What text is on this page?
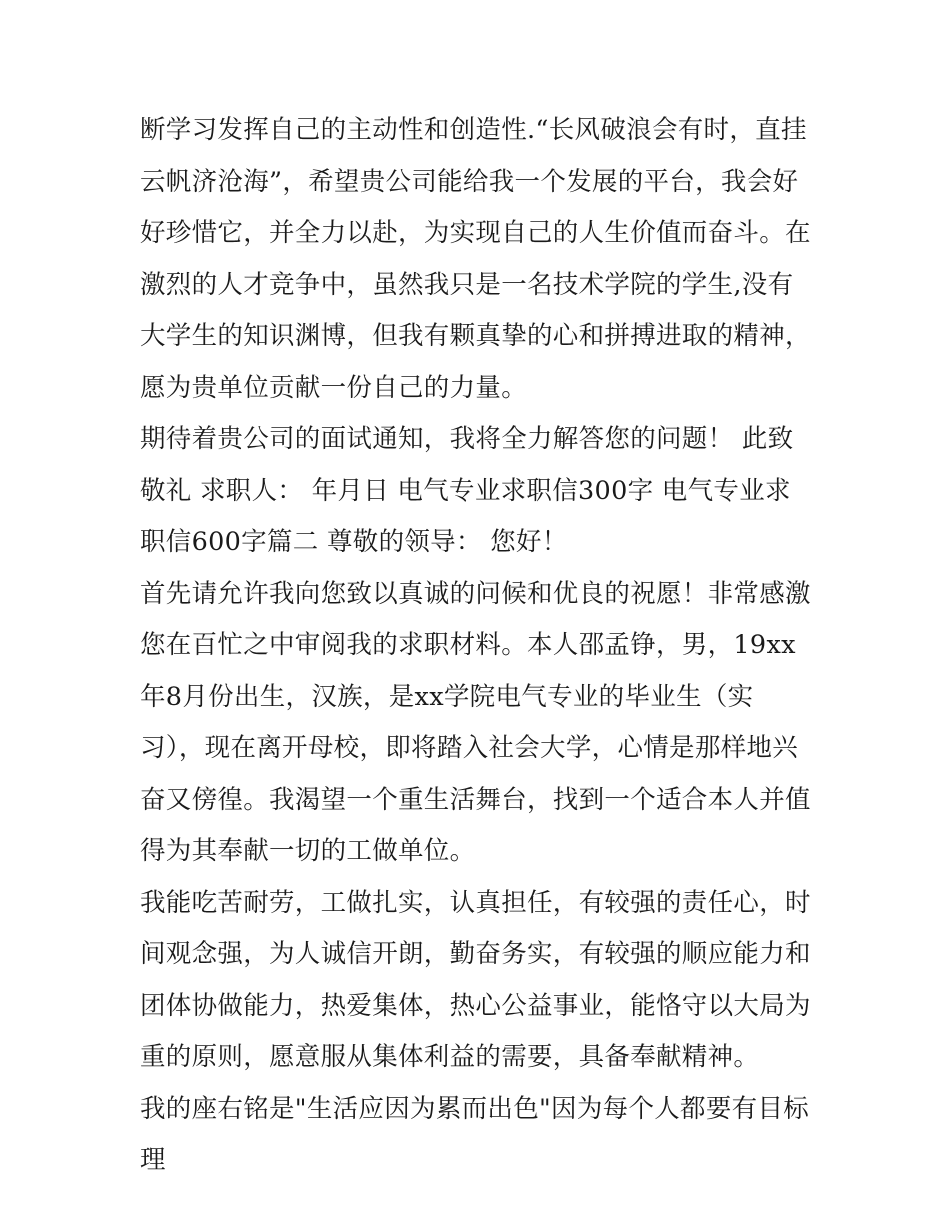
断学习发挥自己的主动性和创造性.“长风破浪会有时，直挂云帆济沧海”，希望贵公司能给我一个发展的平台，我会好好珍惜它，并全力以赴，为实现自己的人生价值而奋斗。在激烈的人才竞争中，虽然我只是一名技术学院的学生,没有大学生的知识渊博，但我有颗真挚的心和拼搏进取的精神，愿为贵单位贡献一份自己的力量。

期待着贵公司的面试通知，我将全力解答您的问题！ 此致 敬礼 求职人： 年月日 电气专业求职信300字 电气专业求职信600字篇二 尊敬的领导： 您好！

首先请允许我向您致以真诚的问候和优良的祝愿！非常感激您在百忙之中审阅我的求职材料。本人邵孟铮，男，19xx年8月份出生，汉族，是xx学院电气专业的毕业生（实习），现在离开母校，即将踏入社会大学，心情是那样地兴奋又傍徨。我渴望一个重生活舞台，找到一个适合本人并值得为其奉献一切的工做单位。

我能吃苦耐劳，工做扎实，认真担任，有较强的责任心，时间观念强，为人诚信开朗，勤奋务实，有较强的顺应能力和团体协做能力，热爱集体，热心公益事业，能恪守以大局为重的原则，愿意服从集体利益的需要，具备奉献精神。

我的座右铭是"生活应因为累而出色"因为每个人都要有目标理
